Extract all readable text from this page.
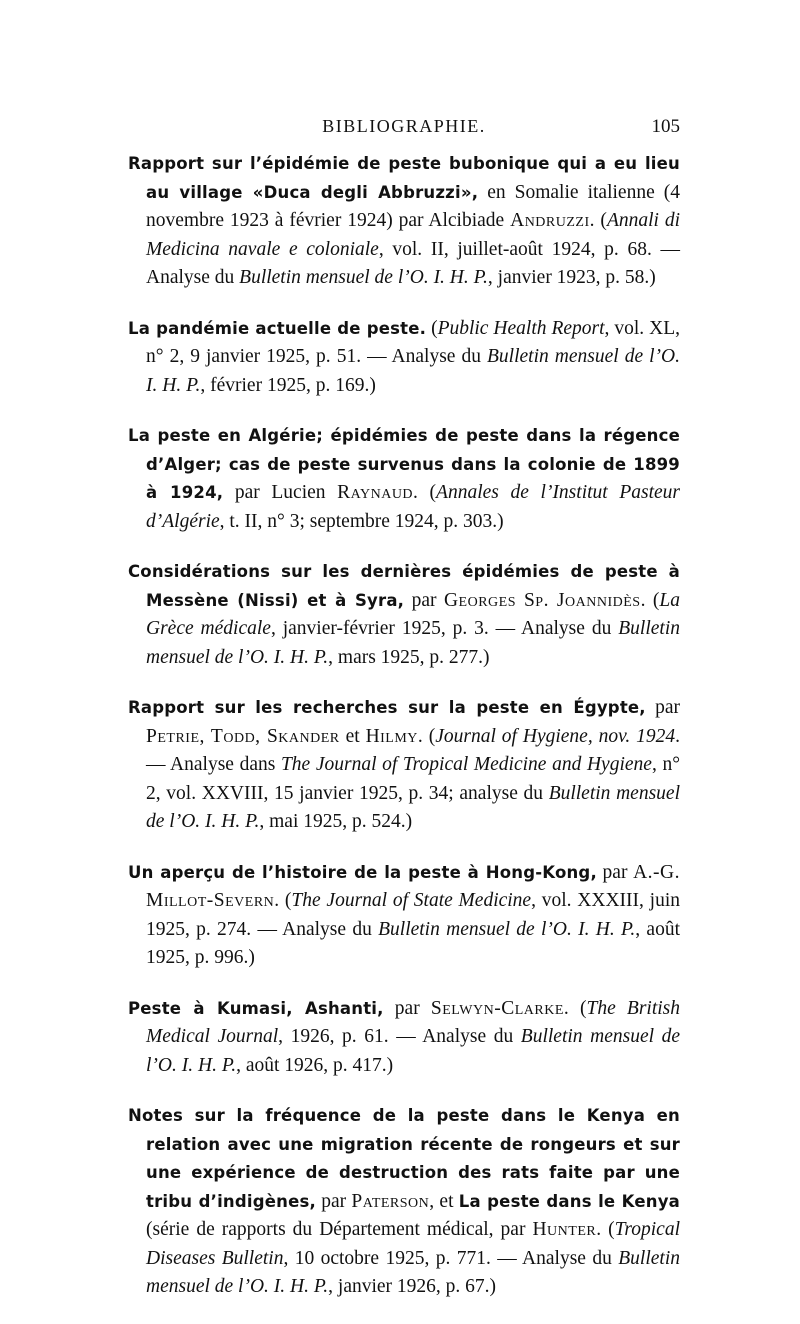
BIBLIOGRAPHIE.	105

Rapport sur l’épidémie de peste bubonique qui a eu lieu au village «Duca degli Abbruzzi», en Somalie italienne (4 novembre 1923 à février 1924) par Alcibiade Andruzzi. (Annali di Medicina navale e coloniale, vol. II, juillet-août 1924, p. 68. — Analyse du Bulletin mensuel de l’O. I. H. P., janvier 1923, p. 58.)

La pandémie actuelle de peste. (Public Health Report, vol. XL, n° 2, 9 janvier 1925, p. 51. — Analyse du Bulletin mensuel de l’O. I. H. P., février 1925, p. 169.)

La peste en Algérie; épidémies de peste dans la régence d’Alger; cas de peste survenus dans la colonie de 1899 à 1924, par Lucien Raynaud. (Annales de l’Institut Pasteur d’Algérie, t. II, n° 3; septembre 1924, p. 303.)

Considérations sur les dernières épidémies de peste à Messène (Nissi) et à Syra, par Georges Sp. Joannidès. (La Grèce médicale, janvier-février 1925, p. 3. — Analyse du Bulletin mensuel de l’O. I. H. P., mars 1925, p. 277.)

Rapport sur les recherches sur la peste en Égypte, par Petrie, Todd, Skander et Hilmy. (Journal of Hygiene, nov. 1924. — Analyse dans The Journal of Tropical Medicine and Hygiene, n° 2, vol. XXVIII, 15 janvier 1925, p. 34; analyse du Bulletin mensuel de l’O. I. H. P., mai 1925, p. 524.)

Un aperçu de l’histoire de la peste à Hong-Kong, par A.-G. Millot-Severn. (The Journal of State Medicine, vol. XXXIII, juin 1925, p. 274. — Analyse du Bulletin mensuel de l’O. I. H. P., août 1925, p. 996.)

Peste à Kumasi, Ashanti, par Selwyn-Clarke. (The British Medical Journal, 1926, p. 61. — Analyse du Bulletin mensuel de l’O. I. H. P., août 1926, p. 417.)

Notes sur la fréquence de la peste dans le Kenya en relation avec une migration récente de rongeurs et sur une expérience de destruction des rats faite par une tribu d’indigènes, par Paterson, et La peste dans le Kenya (série de rapports du Département médical, par Hunter. (Tropical Diseases Bulletin, 10 octobre 1925, p. 771. — Analyse du Bulletin mensuel de l’O. I. H. P., janvier 1926, p. 67.)
